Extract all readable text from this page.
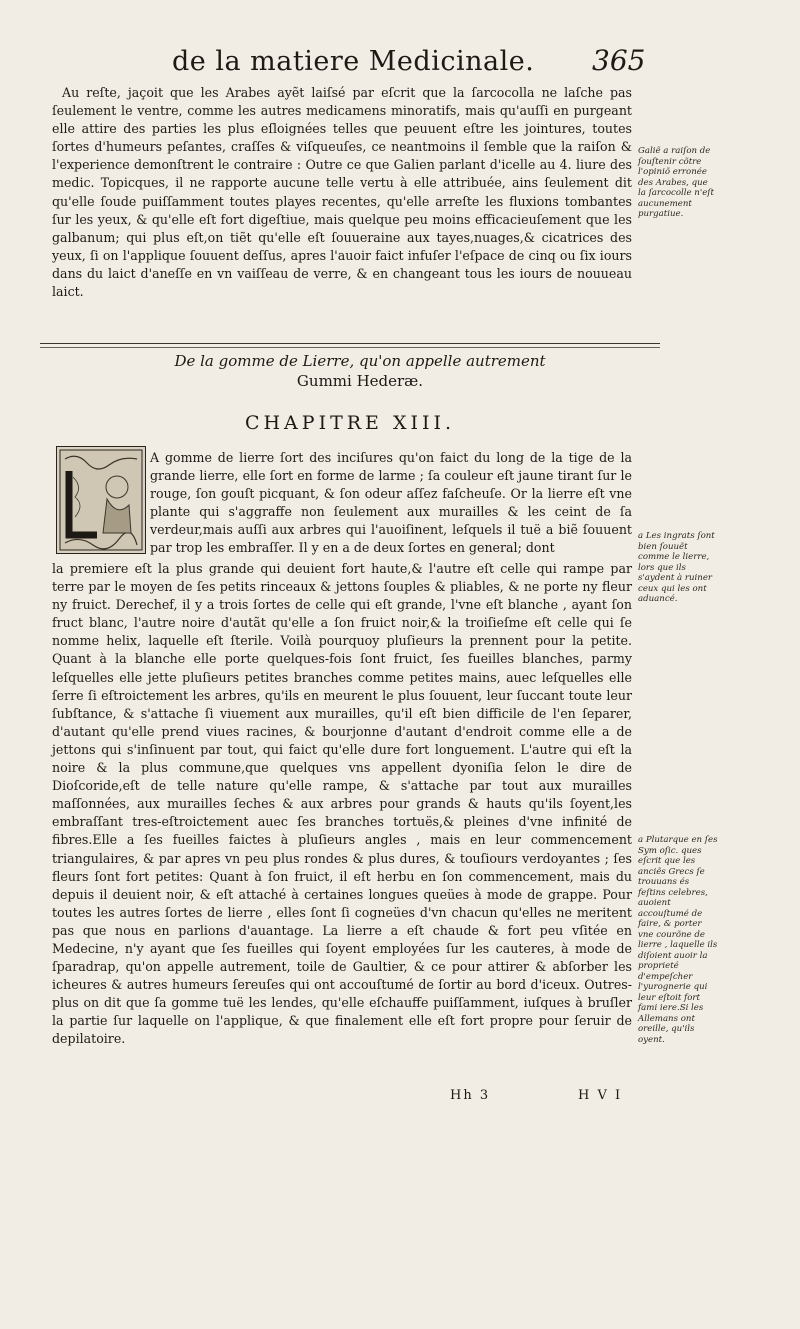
de la matiere Medicinale.	365

Au reſte, jaçoit que les Arabes ayẽt laiſsé par eſcrit que la ſarcocolla ne laſche pas ſeulement le ventre, comme les autres medicamens minoratifs, mais qu'auſſi en purgeant elle attire des parties les plus eſloignées telles que peuuent eſtre les jointures, toutes ſortes d'humeurs peſantes, craſſes & viſqueuſes, ce neantmoins il ſemble que la raiſon & l'experience demonſtrent le contraire : Outre ce que Galien parlant d'icelle au 4. liure des medic. Topicques, il ne rapporte aucune telle vertu à elle attribuée, ains ſeulement dit qu'elle ſoude puiſſamment toutes playes recentes, qu'elle arreſte les fluxions tombantes ſur les yeux, & qu'elle eſt fort digeſtiue, mais quelque peu moins efficacieuſement que les galbanum; qui plus eſt,on tiẽt qu'elle eſt ſouueraine aux tayes,nuages,& cicatrices des yeux, ſi on l'applique ſouuent deſſus, apres l'auoir faict infuſer l'eſpace de cinq ou ſix iours dans du laict d'aneſſe en vn vaiſſeau de verre, & en changeant tous les iours de nouueau laict.

Galiẽ a raiſon de ſouſtenir cõtre l'opiniõ erronée des Arabes, que la ſarcocolle n'eſt aucunement purgatiue.
De la gomme de Lierre, qu'on appelle autrement
Gummi Hederæ.
CHAPITRE XIII.
A gomme de lierre ſort des inciſures qu'on faict du long de la tige de la grande lierre, elle ſort en forme de larme ; ſa couleur eſt jaune tirant ſur le rouge, ſon gouſt picquant, & ſon odeur aſſez faſcheuſe. Or la lierre eſt vne plante qui s'aggraffe non ſeulement aux murailles & les ceint de ſa verdeur,mais auſſi aux arbres qui l'auoiſinent, leſquels il tuë a biẽ ſouuent par trop les embraſſer. Il y en a de deux ſortes en general; dont
la premiere eſt la plus grande qui deuient fort haute,& l'autre eſt celle qui rampe par terre par le moyen de ſes petits rinceaux & jettons ſouples & pliables, & ne porte ny fleur ny fruict. Derechef, il y a trois ſortes de celle qui eſt grande, l'vne eſt blanche , ayant ſon fruct blanc, l'autre noire d'autãt qu'elle a ſon fruict noir,& la troiſieſme eſt celle qui ſe nomme helix, laquelle eſt ſterile. Voilà pourquoy pluſieurs la prennent pour la petite. Quant à la blanche elle porte quelques-fois ſont fruict, ſes fueilles blanches, parmy leſquelles elle jette pluſieurs petites branches comme petites mains, auec leſquelles elle ſerre ſi eſtroictement les arbres, qu'ils en meurent le plus ſouuent, leur ſuccant toute leur ſubſtance, & s'attache ſi viuement aux murailles, qu'il eſt bien difficile de l'en ſeparer, d'autant qu'elle prend viues racines, & bourjonne d'autant d'endroit comme elle a de jettons qui s'inſinuent par tout, qui faict qu'elle dure fort longuement. L'autre qui eſt la noire & la plus commune,que quelques vns appellent dyoniſia ſelon le dire de Dioſcoride,eſt de telle nature qu'elle rampe, & s'attache par tout aux murailles maſſonnées, aux murailles ſeches & aux arbres pour grands & hauts qu'ils ſoyent,les embraſſant tres-eſtroictement auec ſes branches tortuës,& pleines d'vne infinité de fibres.Elle a ſes fueilles faictes à pluſieurs angles , mais en leur commencement triangulaires, & par apres vn peu plus rondes & plus dures, & touſiours verdoyantes ; ſes fleurs ſont fort petites: Quant à ſon fruict, il eſt herbu en ſon commencement, mais du depuis il deuient noir, & eſt attaché à certaines longues queües à mode de grappe. Pour toutes les autres ſortes de lierre , elles ſont ſi cogneües d'vn chacun qu'elles ne meritent pas que nous en parlions d'auantage. La lierre a eſt chaude & fort peu vſitée en Medecine, n'y ayant que ſes fueilles qui ſoyent employées ſur les cauteres, à mode de ſparadrap, qu'on appelle autrement, toile de Gaultier, & ce pour attirer & abſorber les icheures & autres humeurs ſereuſes qui ont accouſtumé de ſortir au bord d'iceux. Outres-plus on dit que ſa gomme tuë les lendes, qu'elle eſchauffe puiſſamment, iuſques à bruſler la partie ſur laquelle on l'applique, & que finalement elle eſt fort propre pour ſeruir de depilatoire.
a Les ingrats ſont bien ſouuẽt comme le lierre, lors que ils s'aydent à ruiner ceux qui les ont aduancé.
a Plutarque en ſes Sym oſic. ques eſcrit que les anciẽs Grecs ſe trouuans és feſtins celebres, auoient accouſtumé de faire, & porter vne courõne de lierre , laquelle ils diſoient auoir la proprieté d'empeſcher l'yurognerie qui leur eſtoit fort fami iere.Si les Allemans ont oreille, qu'ils oyent.
Hh 3	H V I
